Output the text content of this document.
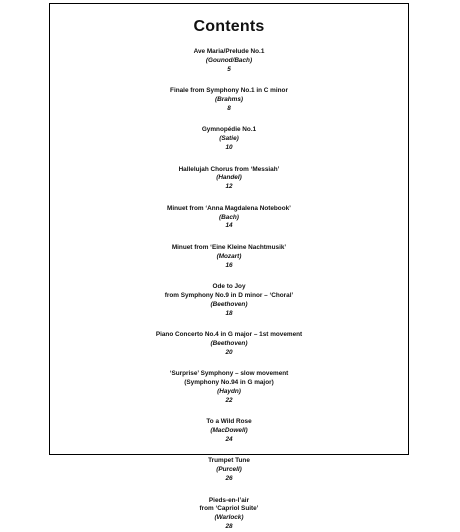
Contents
Ave Maria/Prelude No.1
(Gounod/Bach)
5
Finale from Symphony No.1 in C minor
(Brahms)
8
Gymnopédie No.1
(Satie)
10
Hallelujah Chorus from ‘Messiah’
(Handel)
12
Minuet from ‘Anna Magdalena Notebook’
(Bach)
14
Minuet from ‘Eine Kleine Nachtmusik’
(Mozart)
16
Ode to Joy
from Symphony No.9 in D minor – ‘Choral’
(Beethoven)
18
Piano Concerto No.4 in G major – 1st movement
(Beethoven)
20
‘Surprise’ Symphony – slow movement
(Symphony No.94 in G major)
(Haydn)
22
To a Wild Rose
(MacDowell)
24
Trumpet Tune
(Purcell)
26
Pieds-en-l’air
from ‘Capriol Suite’
(Warlock)
28
